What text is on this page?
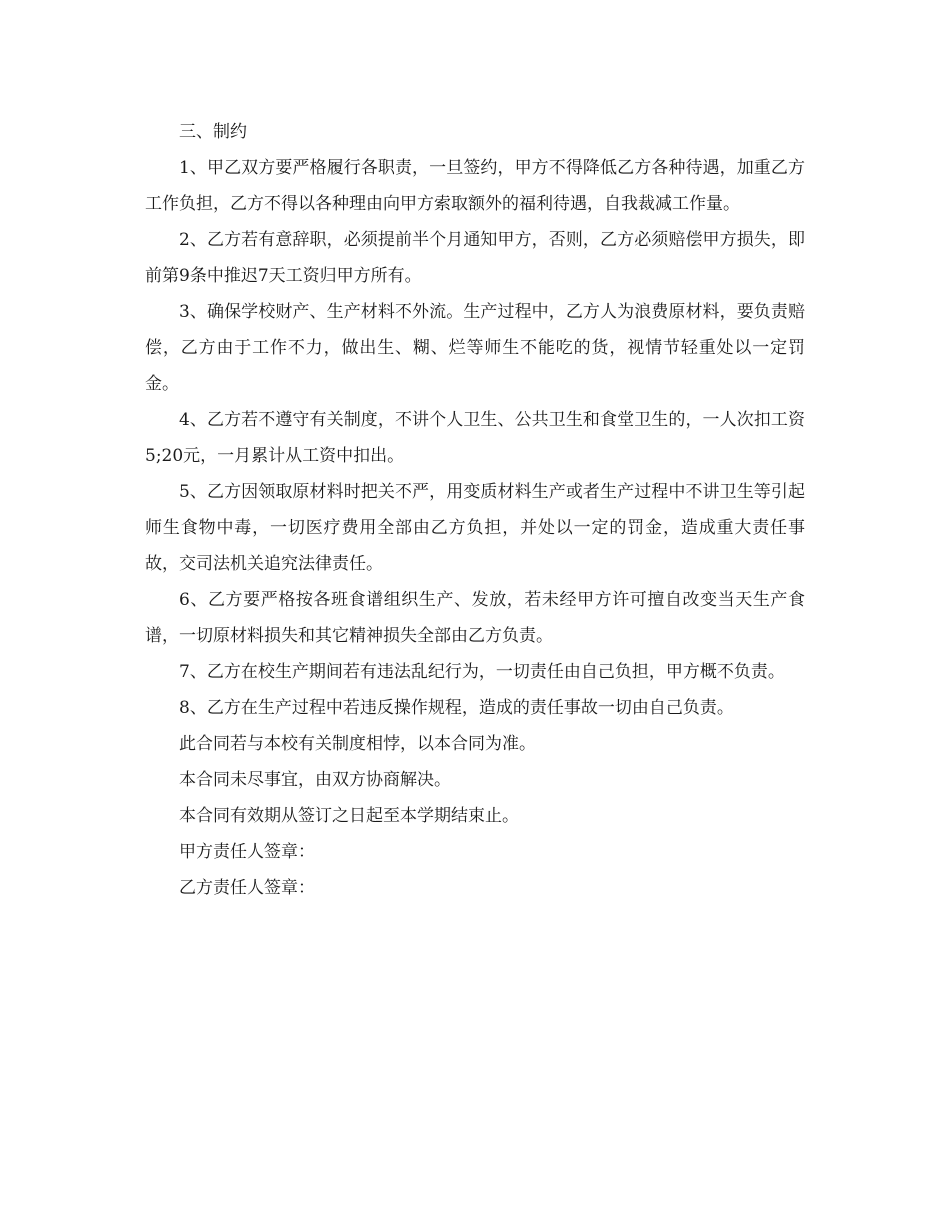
三、制约

1、甲乙双方要严格履行各职责，一旦签约，甲方不得降低乙方各种待遇，加重乙方工作负担，乙方不得以各种理由向甲方索取额外的福利待遇，自我裁减工作量。

2、乙方若有意辞职，必须提前半个月通知甲方，否则，乙方必须赔偿甲方损失，即前第9条中推迟7天工资归甲方所有。

3、确保学校财产、生产材料不外流。生产过程中，乙方人为浪费原材料，要负责赔偿，乙方由于工作不力，做出生、糊、烂等师生不能吃的货，视情节轻重处以一定罚金。

4、乙方若不遵守有关制度，不讲个人卫生、公共卫生和食堂卫生的，一人次扣工资5;20元，一月累计从工资中扣出。

5、乙方因领取原材料时把关不严，用变质材料生产或者生产过程中不讲卫生等引起师生食物中毒，一切医疗费用全部由乙方负担，并处以一定的罚金，造成重大责任事故，交司法机关追究法律责任。

6、乙方要严格按各班食谱组织生产、发放，若未经甲方许可擅自改变当天生产食谱，一切原材料损失和其它精神损失全部由乙方负责。

7、乙方在校生产期间若有违法乱纪行为，一切责任由自己负担，甲方概不负责。

8、乙方在生产过程中若违反操作规程，造成的责任事故一切由自己负责。

此合同若与本校有关制度相悖，以本合同为准。

本合同未尽事宜，由双方协商解决。

本合同有效期从签订之日起至本学期结束止。

甲方责任人签章：

乙方责任人签章：
